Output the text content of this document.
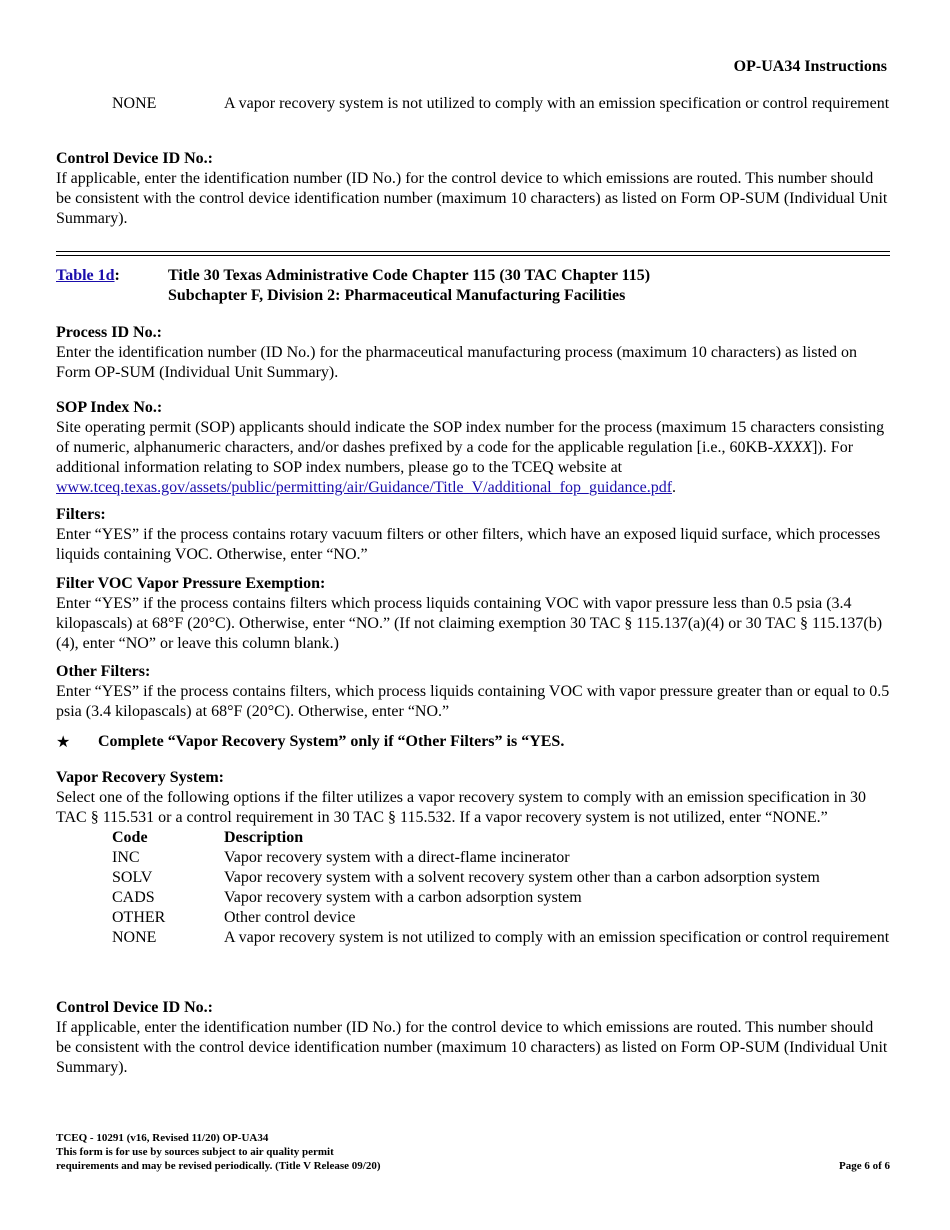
OP-UA34 Instructions
NONE	A vapor recovery system is not utilized to comply with an emission specification or control requirement
Control Device ID No.:
If applicable, enter the identification number (ID No.) for the control device to which emissions are routed. This number should be consistent with the control device identification number (maximum 10 characters) as listed on Form OP-SUM (Individual Unit Summary).
Table 1d:	Title 30 Texas Administrative Code Chapter 115 (30 TAC Chapter 115)
Subchapter F, Division 2: Pharmaceutical Manufacturing Facilities
Process ID No.:
Enter the identification number (ID No.) for the pharmaceutical manufacturing process (maximum 10 characters) as listed on Form OP-SUM (Individual Unit Summary).
SOP Index No.:
Site operating permit (SOP) applicants should indicate the SOP index number for the process (maximum 15 characters consisting of numeric, alphanumeric characters, and/or dashes prefixed by a code for the applicable regulation [i.e., 60KB-XXXX]). For additional information relating to SOP index numbers, please go to the TCEQ website at www.tceq.texas.gov/assets/public/permitting/air/Guidance/Title_V/additional_fop_guidance.pdf.
Filters:
Enter “YES” if the process contains rotary vacuum filters or other filters, which have an exposed liquid surface, which processes liquids containing VOC. Otherwise, enter “NO.”
Filter VOC Vapor Pressure Exemption:
Enter “YES” if the process contains filters which process liquids containing VOC with vapor pressure less than 0.5 psia (3.4 kilopascals) at 68°F (20°C). Otherwise, enter “NO.” (If not claiming exemption 30 TAC § 115.137(a)(4) or 30 TAC § 115.137(b)(4), enter “NO” or leave this column blank.)
Other Filters:
Enter “YES” if the process contains filters, which process liquids containing VOC with vapor pressure greater than or equal to 0.5 psia (3.4 kilopascals) at 68°F (20°C). Otherwise, enter “NO.”
★	Complete “Vapor Recovery System” only if “Other Filters” is “YES.
Vapor Recovery System:
Select one of the following options if the filter utilizes a vapor recovery system to comply with an emission specification in 30 TAC § 115.531 or a control requirement in 30 TAC § 115.532. If a vapor recovery system is not utilized, enter “NONE.”
Code	Description
INC	Vapor recovery system with a direct-flame incinerator
SOLV	Vapor recovery system with a solvent recovery system other than a carbon adsorption system
CADS	Vapor recovery system with a carbon adsorption system
OTHER	Other control device
NONE	A vapor recovery system is not utilized to comply with an emission specification or control requirement
Control Device ID No.:
If applicable, enter the identification number (ID No.) for the control device to which emissions are routed. This number should be consistent with the control device identification number (maximum 10 characters) as listed on Form OP-SUM (Individual Unit Summary).
TCEQ - 10291 (v16, Revised 11/20) OP-UA34
This form is for use by sources subject to air quality permit
requirements and may be revised periodically. (Title V Release 09/20)	Page 6 of 6
